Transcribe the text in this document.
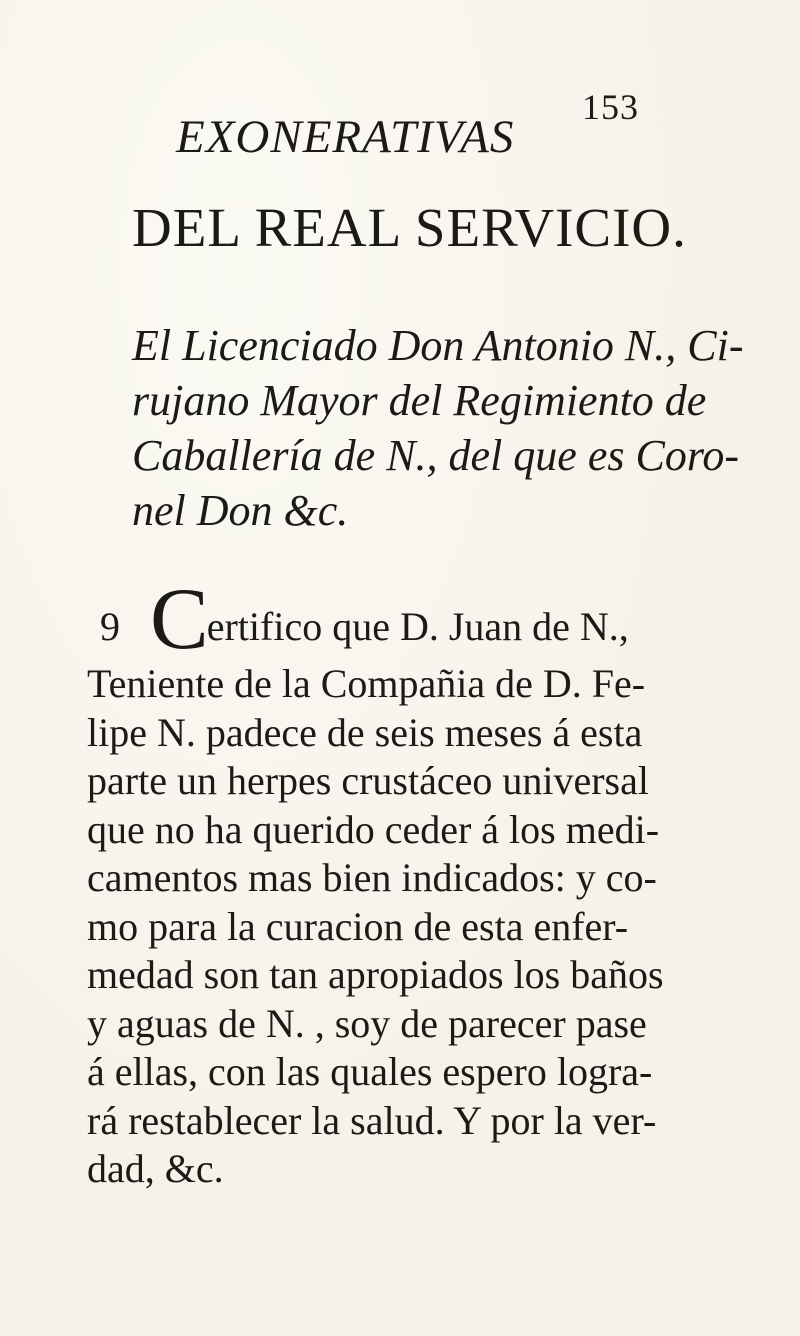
153
EXONERATIVAS
DEL REAL SERVICIO.
El Licenciado Don Antonio N., Ci-
rujano Mayor del Regimiento de
Caballería de N., del que es Coro-
nel Don &c.
9 Certifico que D. Juan de N.,
Teniente de la Compañia de D. Fe-
lipe N. padece de seis meses á esta
parte un herpes crustáceo universal
que no ha querido ceder á los medi-
camentos mas bien indicados: y co-
mo para la curacion de esta enfer-
medad son tan apropiados los baños
y aguas de N. , soy de parecer pase
á ellas, con las quales espero logra-
rá restablecer la salud. Y por la ver-
dad, &c.
